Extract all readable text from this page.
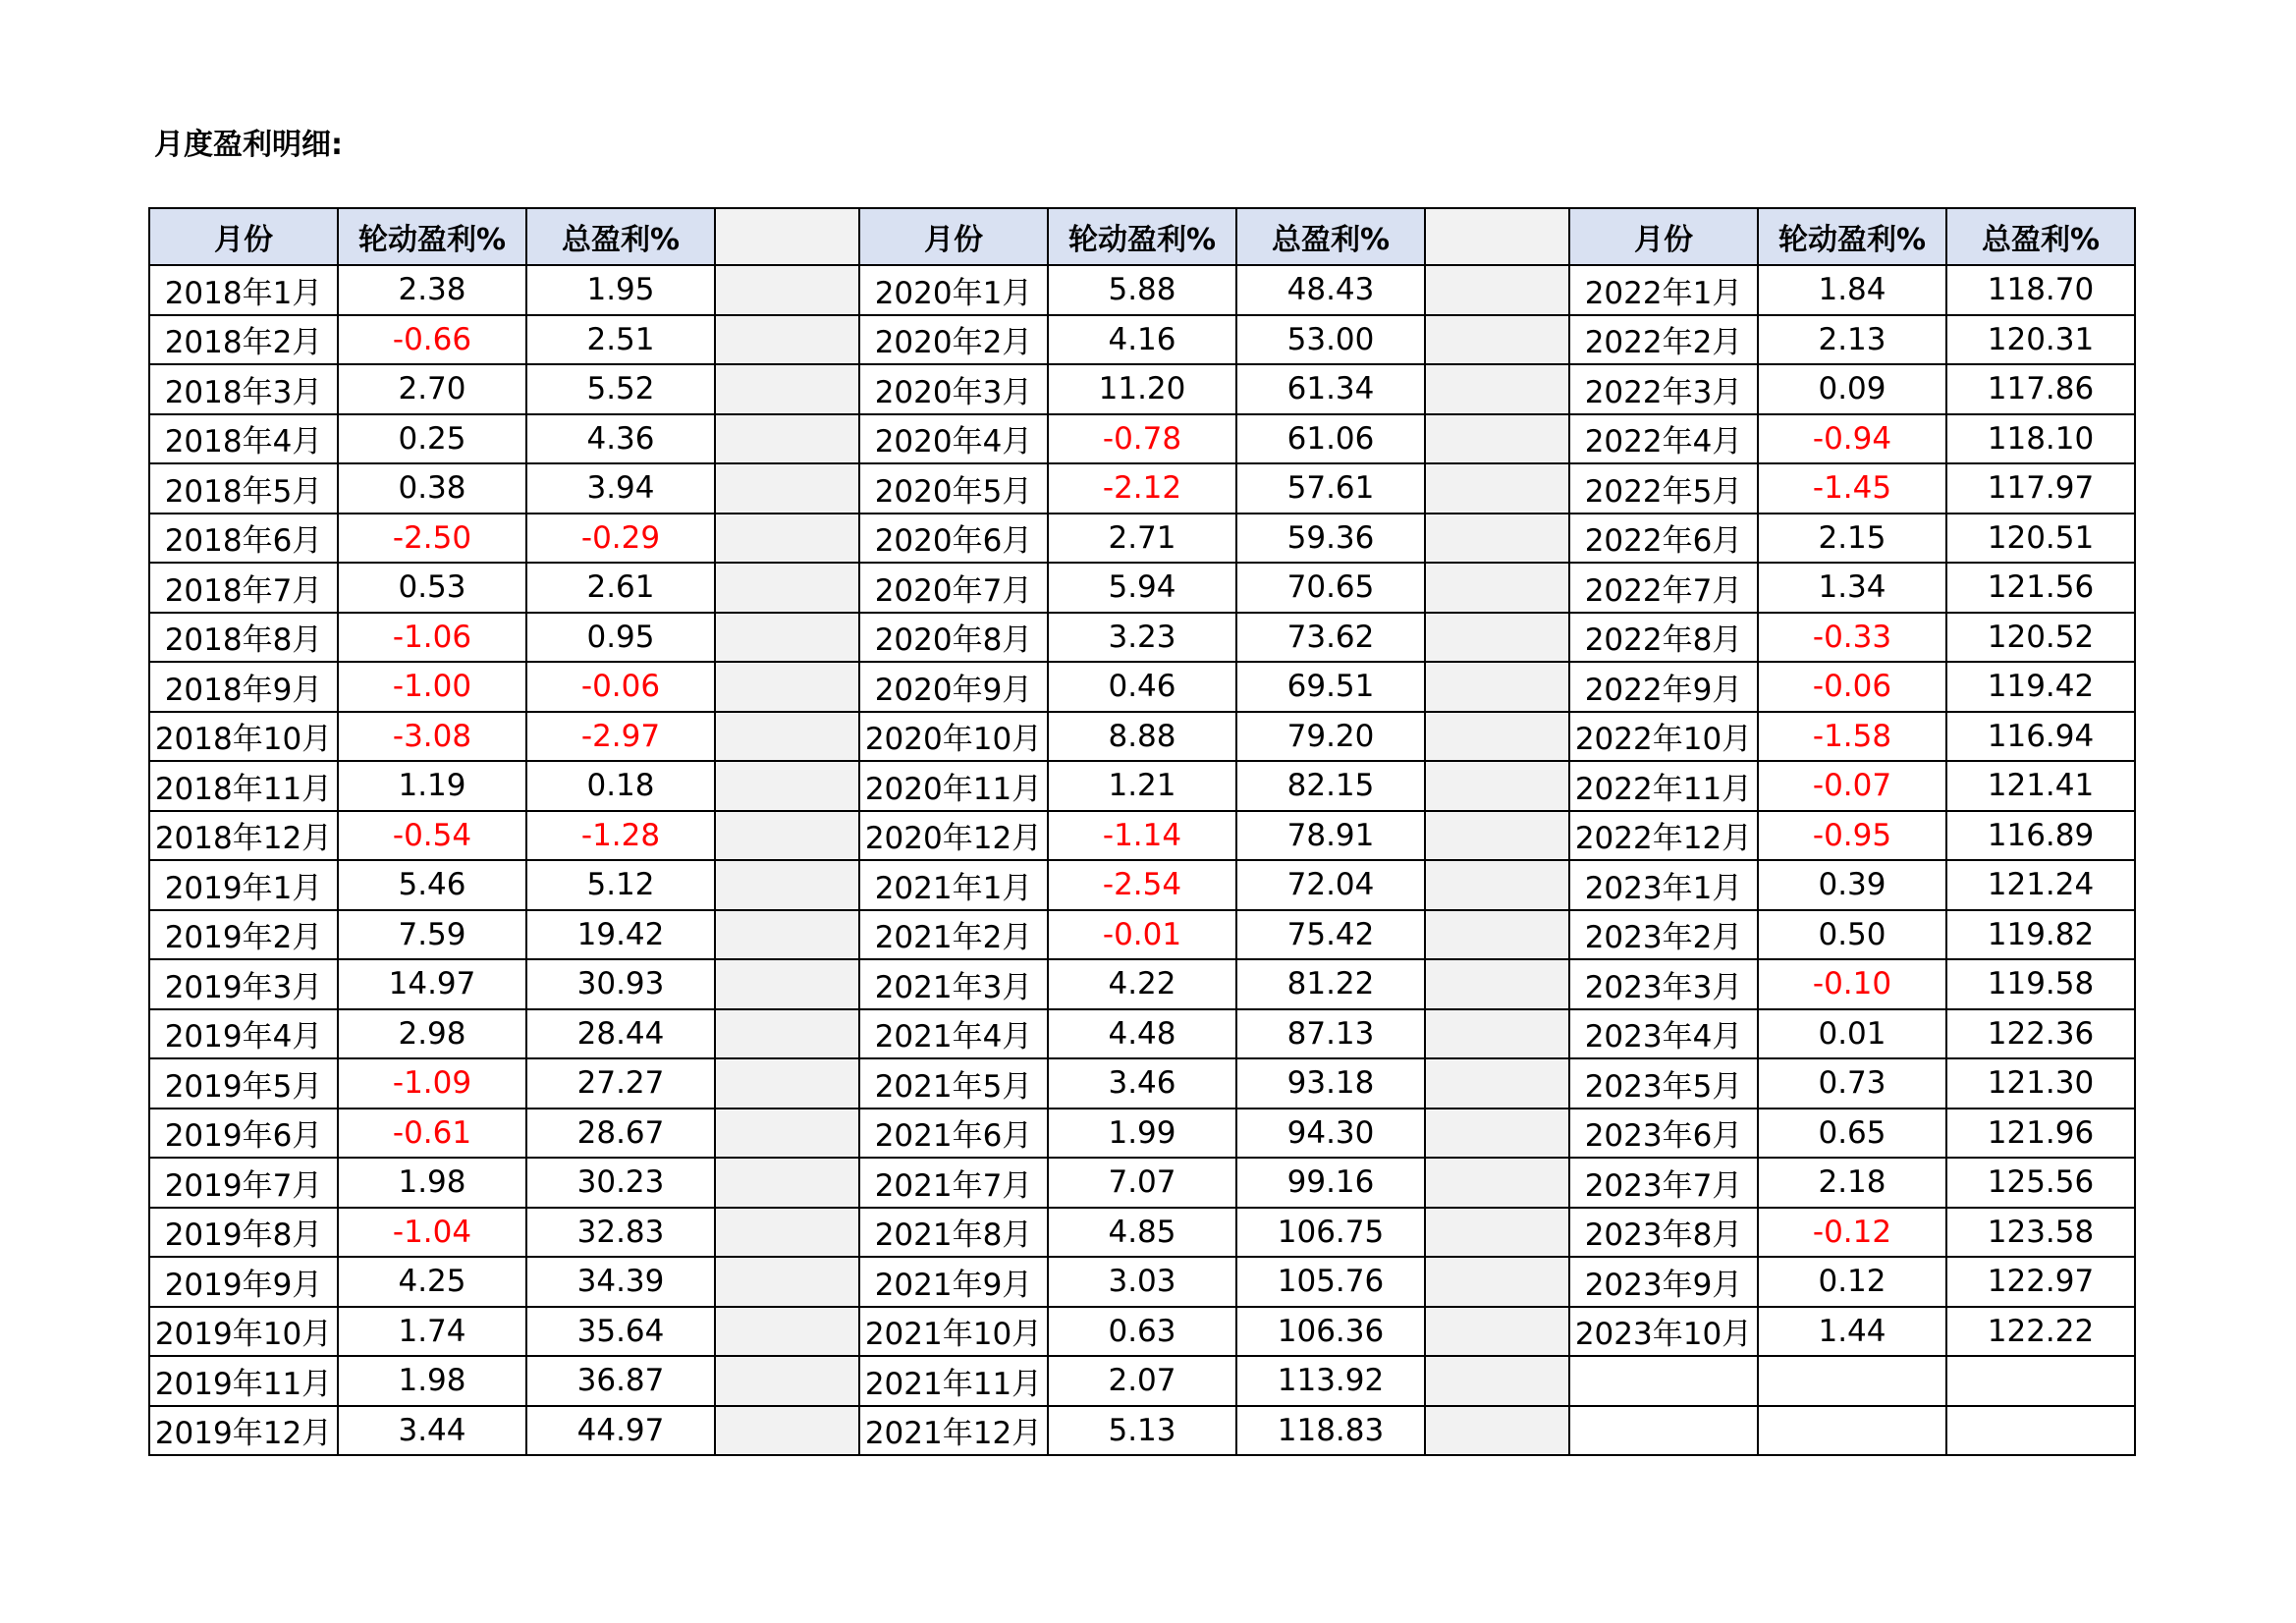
月度盈利明细:
月份	轮动盈利%	总盈利%		月份	轮动盈利%	总盈利%		月份	轮动盈利%	总盈利%
2018年1月	2.38	1.95		2020年1月	5.88	48.43		2022年1月	1.84	118.70
2018年2月	-0.66	2.51		2020年2月	4.16	53.00		2022年2月	2.13	120.31
2018年3月	2.70	5.52		2020年3月	11.20	61.34		2022年3月	0.09	117.86
2018年4月	0.25	4.36		2020年4月	-0.78	61.06		2022年4月	-0.94	118.10
2018年5月	0.38	3.94		2020年5月	-2.12	57.61		2022年5月	-1.45	117.97
2018年6月	-2.50	-0.29		2020年6月	2.71	59.36		2022年6月	2.15	120.51
2018年7月	0.53	2.61		2020年7月	5.94	70.65		2022年7月	1.34	121.56
2018年8月	-1.06	0.95		2020年8月	3.23	73.62		2022年8月	-0.33	120.52
2018年9月	-1.00	-0.06		2020年9月	0.46	69.51		2022年9月	-0.06	119.42
2018年10月	-3.08	-2.97		2020年10月	8.88	79.20		2022年10月	-1.58	116.94
2018年11月	1.19	0.18		2020年11月	1.21	82.15		2022年11月	-0.07	121.41
2018年12月	-0.54	-1.28		2020年12月	-1.14	78.91		2022年12月	-0.95	116.89
2019年1月	5.46	5.12		2021年1月	-2.54	72.04		2023年1月	0.39	121.24
2019年2月	7.59	19.42		2021年2月	-0.01	75.42		2023年2月	0.50	119.82
2019年3月	14.97	30.93		2021年3月	4.22	81.22		2023年3月	-0.10	119.58
2019年4月	2.98	28.44		2021年4月	4.48	87.13		2023年4月	0.01	122.36
2019年5月	-1.09	27.27		2021年5月	3.46	93.18		2023年5月	0.73	121.30
2019年6月	-0.61	28.67		2021年6月	1.99	94.30		2023年6月	0.65	121.96
2019年7月	1.98	30.23		2021年7月	7.07	99.16		2023年7月	2.18	125.56
2019年8月	-1.04	32.83		2021年8月	4.85	106.75		2023年8月	-0.12	123.58
2019年9月	4.25	34.39		2021年9月	3.03	105.76		2023年9月	0.12	122.97
2019年10月	1.74	35.64		2021年10月	0.63	106.36		2023年10月	1.44	122.22
2019年11月	1.98	36.87		2021年11月	2.07	113.92				
2019年12月	3.44	44.97		2021年12月	5.13	118.83				
